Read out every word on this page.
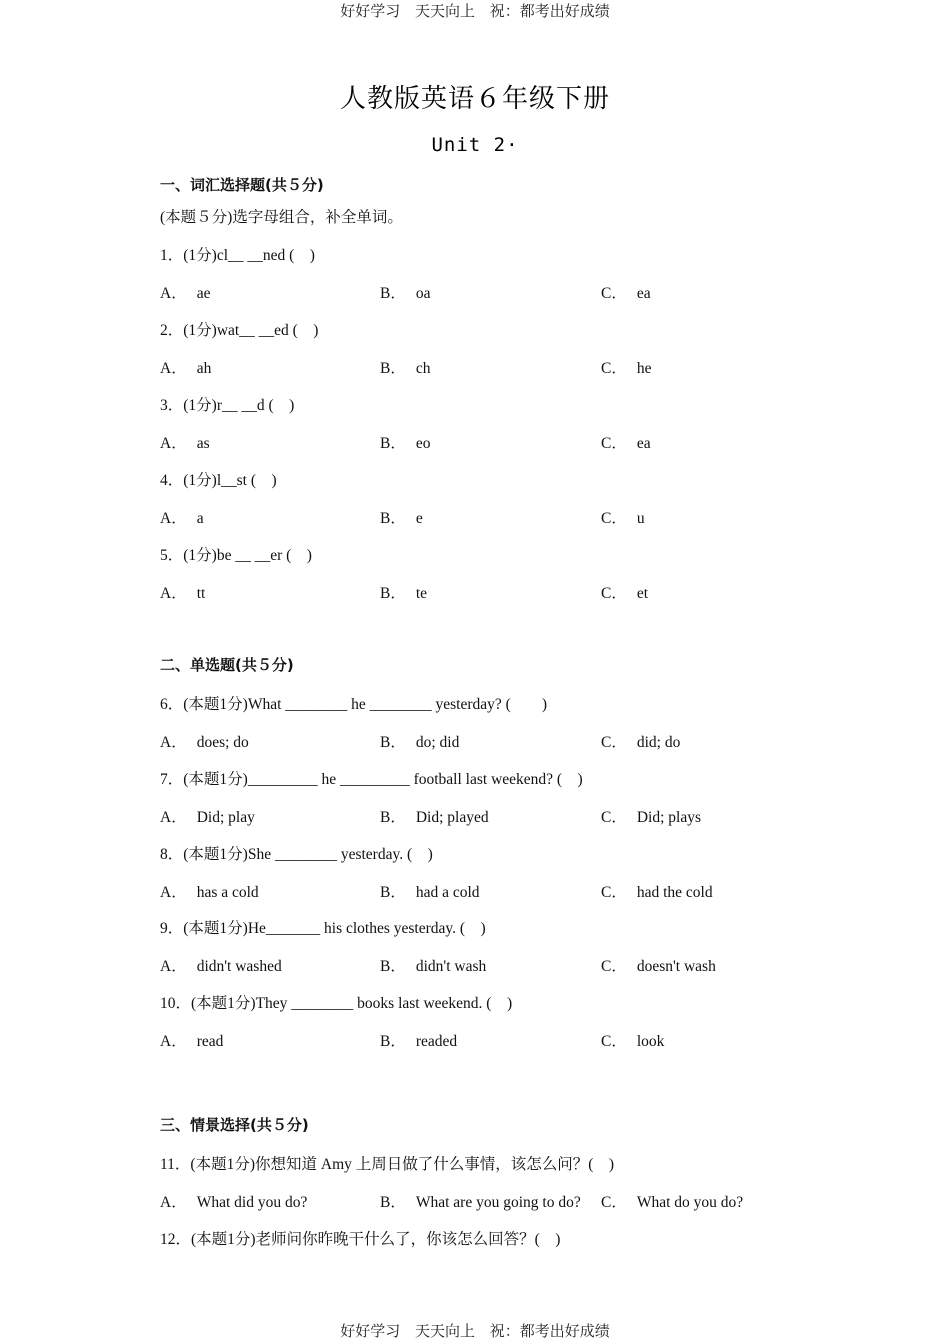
好好学习 天天向上 祝：都考出好成绩
人教版英语６年级下册
Unit 2·
一、词汇选择题(共５分)
(本题５分)选字母组合，补全单词。
1．(1分)cl__ __ned (　)
A． ae	B． oa	C． ea
2．(1分)wat__ __ed (　)
A． ah	B． ch	C． he
3．(1分)r__ __d (　)
A． as	B． eo	C． ea
4．(1分)l__st (　)
A． a	B． e	C． u
5．(1分)be __ __er (　)
A． tt	B． te	C． et
二、单选题(共５分)
6．(本题1分)What ________ he ________ yesterday? (　　)
A． does; do	B． do; did	C． did; do
7．(本题1分)_________ he _________ football last weekend? (　)
A． Did; play	B． Did; played	C． Did; plays
8．(本题1分)She ________ yesterday. (　)
A． has a cold	B． had a cold	C． had the cold
9．(本题1分)He_______ his clothes yesterday. (　)
A． didn't washed	B． didn't wash	C． doesn't wash
10．(本题1分)They ________ books last weekend. (　)
A． read	B． readed	C． look
三、情景选择(共５分)
11．(本题1分)你想知道 Amy 上周日做了什么事情，该怎么问？(　)
A． What did you do?	B． What are you going to do? C． What do you do?
12．(本题1分)老师问你昨晚干什么了，你该怎么回答？(　)
好好学习 天天向上 祝：都考出好成绩
